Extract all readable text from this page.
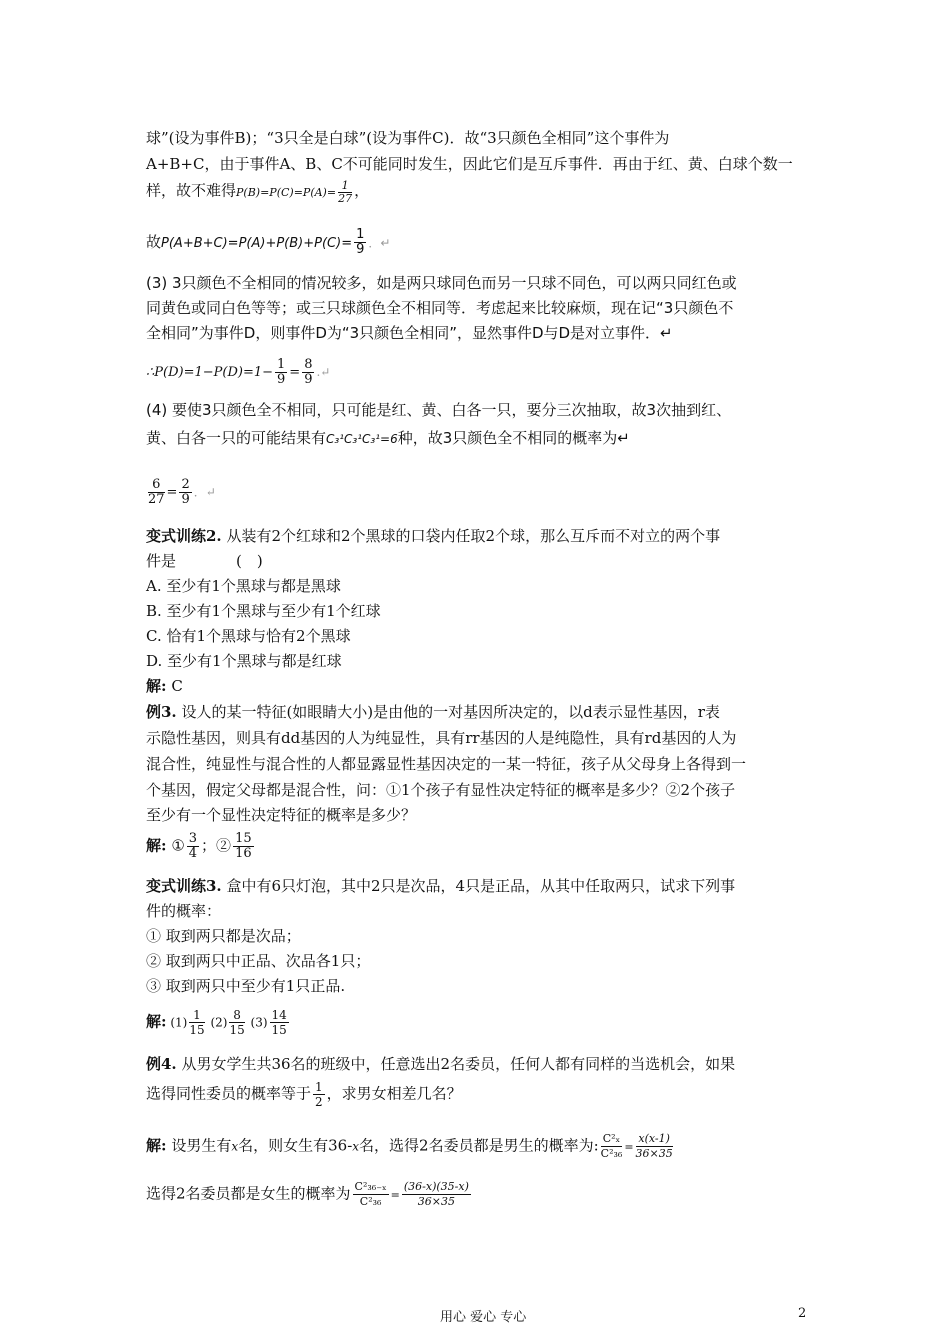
球”(设为事件B)；“3只全是白球”(设为事件C)．故“3只颜色全相同”这个事件为
A+B+C，由于事件A、B、C不可能同时发生，因此它们是互斥事件．再由于红、黄、白球个数一
样，故不难得$P(B)=P(C)=P(A)= \frac{1}{27}$ ，
故$P(A+B+C)=P(A)+P(B)+P(C)= \frac{1}{9}$ ．↵
(3) 3只颜色不全相同的情况较多，如是两只球同色而另一只球不同色，可以两只同红色或
同黄色或同白色等等；或三只球颜色全不相同等．考虑起来比较麻烦，现在记“3只颜色不
全相同”为事件D，则事件D为“3只颜色全相同”，显然事件D与D是对立事件．↵
∴P(D)=1−P(D)=1− $\frac{1}{9} = \frac{8}{9}$ .↵
(4) 要使3只颜色全不相同，只可能是红、黄、白各一只，要分三次抽取，故3次抽到红、
黄、白各一只的可能结果有C₃¹C₃¹C₃¹=6种，故3只颜色全不相同的概率为↵
$\frac{6}{27} = \frac{2}{9}$ ．↵
变式训练2. 从装有2个红球和2个黑球的口袋内任取2个球，那么互斥而不对立的两个事
件是　　　　(　)
A. 至少有1个黑球与都是黑球
B. 至少有1个黑球与至少有1个红球
C. 恰有1个黑球与恰有2个黑球
D. 至少有1个黑球与都是红球
解: C
例3. 设人的某一特征(如眼睛大小)是由他的一对基因所决定的，以d表示显性基因，r表
示隐性基因，则具有dd基因的人为纯显性，具有rr基因的人是纯隐性，具有rd基因的人为
混合性，纯显性与混合性的人都显露显性基因决定的一某一特征，孩子从父母身上各得到一
个基因，假定父母都是混合性，问：①1个孩子有显性决定特征的概率是多少？②2个孩子
至少有一个显性决定特征的概率是多少？
解: ① $\frac{3}{4}$ ；② $\frac{15}{16}$
变式训练3. 盒中有6只灯泡，其中2只是次品，4只是正品，从其中任取两只，试求下列事
件的概率：
① 取到两只都是次品；
② 取到两只中正品、次品各1只；
③ 取到两只中至少有1只正品.
解: $(1) \frac{1}{15} (2) \frac{8}{15} (3) \frac{14}{15}$
例4. 从男女学生共36名的班级中，任意选出2名委员，任何人都有同样的当选机会，如果
选得同性委员的概率等于 $\frac{1}{2}$ ，求男女相差几名？
解: 设男生有x名，则女生有36-x名，选得2名委员都是男生的概率为: $\frac{\text{C²ₓ}}{\text{C²₃₆}} = \frac{x(x-1)}{36\times 35}$
选得2名委员都是女生的概率为 $\frac{\text{C²₃₆₋ₓ}}{\text{C²₃₆}} = \frac{(36-x)(35-x)}{36\times 35}$
用心 爱心 专心	2
